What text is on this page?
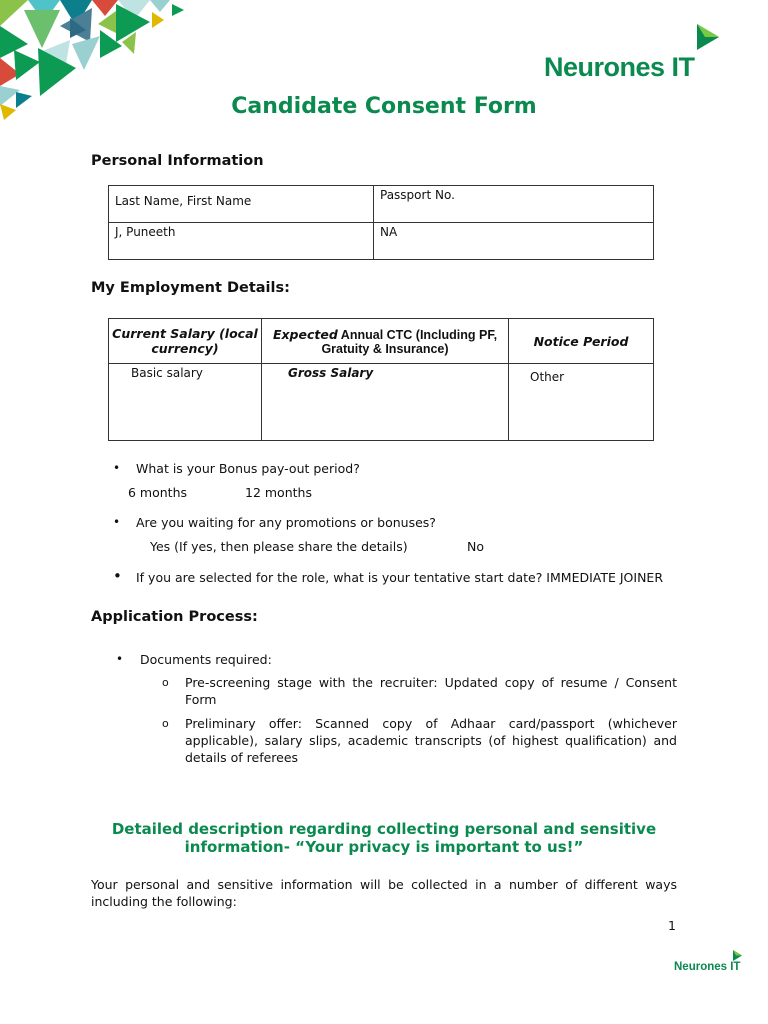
Neurones IT
Candidate Consent Form
Personal Information
Last Name, First Name	Passport No.
J, Puneeth	NA
My Employment Details:
Current Salary (local currency)	Expected Annual CTC (Including PF, Gratuity & Insurance)	Notice Period
Basic salary	Gross Salary	Other
• What is your Bonus pay-out period?
6 months	12 months
• Are you waiting for any promotions or bonuses?
Yes (If yes, then please share the details)	No
• If you are selected for the role, what is your tentative start date? IMMEDIATE JOINER
Application Process:
• Documents required:
o Pre-screening stage with the recruiter: Updated copy of resume / Consent Form
o Preliminary offer: Scanned copy of Adhaar card/passport (whichever applicable), salary slips, academic transcripts (of highest qualification) and details of referees
Detailed description regarding collecting personal and sensitive
information- “Your privacy is important to us!”
Your personal and sensitive information will be collected in a number of different ways including the following:
1
Neurones IT
